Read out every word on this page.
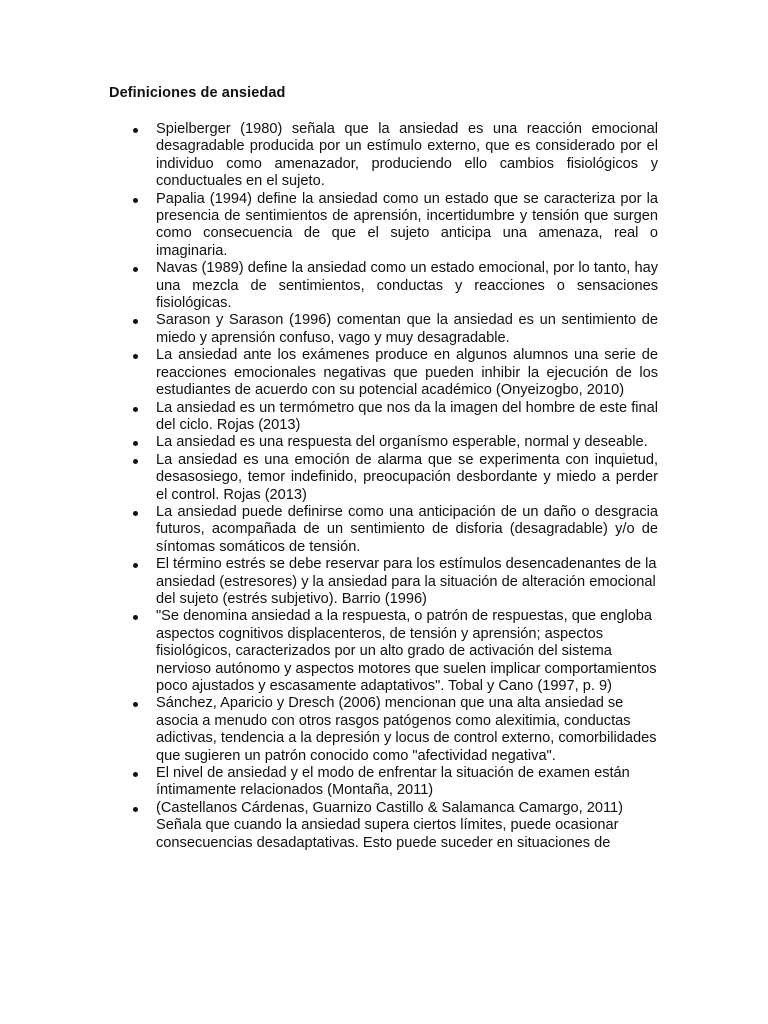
Definiciones de ansiedad
Spielberger (1980) señala que la ansiedad es una reacción emocional desagradable producida por un estímulo externo, que es considerado por el individuo como amenazador, produciendo ello cambios fisiológicos y conductuales en el sujeto.
Papalia (1994) define la ansiedad como un estado que se caracteriza por la presencia de sentimientos de aprensión, incertidumbre y tensión que surgen como consecuencia de que el sujeto anticipa una amenaza, real o imaginaria.
Navas (1989) define la ansiedad como un estado emocional, por lo tanto, hay una mezcla de sentimientos, conductas y reacciones o sensaciones fisiológicas.
Sarason y Sarason (1996) comentan que la ansiedad es un sentimiento de miedo y aprensión confuso, vago y muy desagradable.
La ansiedad ante los exámenes produce en algunos alumnos una serie de reacciones emocionales negativas que pueden inhibir la ejecución de los estudiantes de acuerdo con su potencial académico (Onyeizogbo, 2010)
La ansiedad es un termómetro que nos da la imagen del hombre de este final del ciclo. Rojas (2013)
La ansiedad es una respuesta del organísmo esperable, normal y deseable.
La ansiedad es una emoción de alarma que se experimenta con inquietud, desasosiego, temor indefinido, preocupación desbordante y miedo a perder el control. Rojas (2013)
La ansiedad puede definirse como una anticipación de un daño o desgracia futuros, acompañada de un sentimiento de disforia (desagradable) y/o de síntomas somáticos de tensión.
El término estrés se debe reservar para los estímulos desencadenantes de la ansiedad (estresores) y la ansiedad para la situación de alteración emocional del sujeto (estrés subjetivo). Barrio (1996)
"Se denomina ansiedad a la respuesta, o patrón de respuestas, que engloba aspectos cognitivos displacenteros, de tensión y aprensión; aspectos fisiológicos, caracterizados por un alto grado de activación del sistema nervioso autónomo y aspectos motores que suelen implicar comportamientos poco ajustados y escasamente adaptativos". Tobal y Cano (1997, p. 9)
Sánchez, Aparicio y Dresch (2006) mencionan que una alta ansiedad se asocia a menudo con otros rasgos patógenos como alexitimia, conductas adictivas, tendencia a la depresión y locus de control externo, comorbilidades que sugieren un patrón conocido como "afectividad negativa".
El nivel de ansiedad y el modo de enfrentar la situación de examen están íntimamente relacionados (Montaña, 2011)
(Castellanos Cárdenas, Guarnizo Castillo & Salamanca Camargo, 2011) Señala que cuando la ansiedad supera ciertos límites, puede ocasionar consecuencias desadaptativas. Esto puede suceder en situaciones de
